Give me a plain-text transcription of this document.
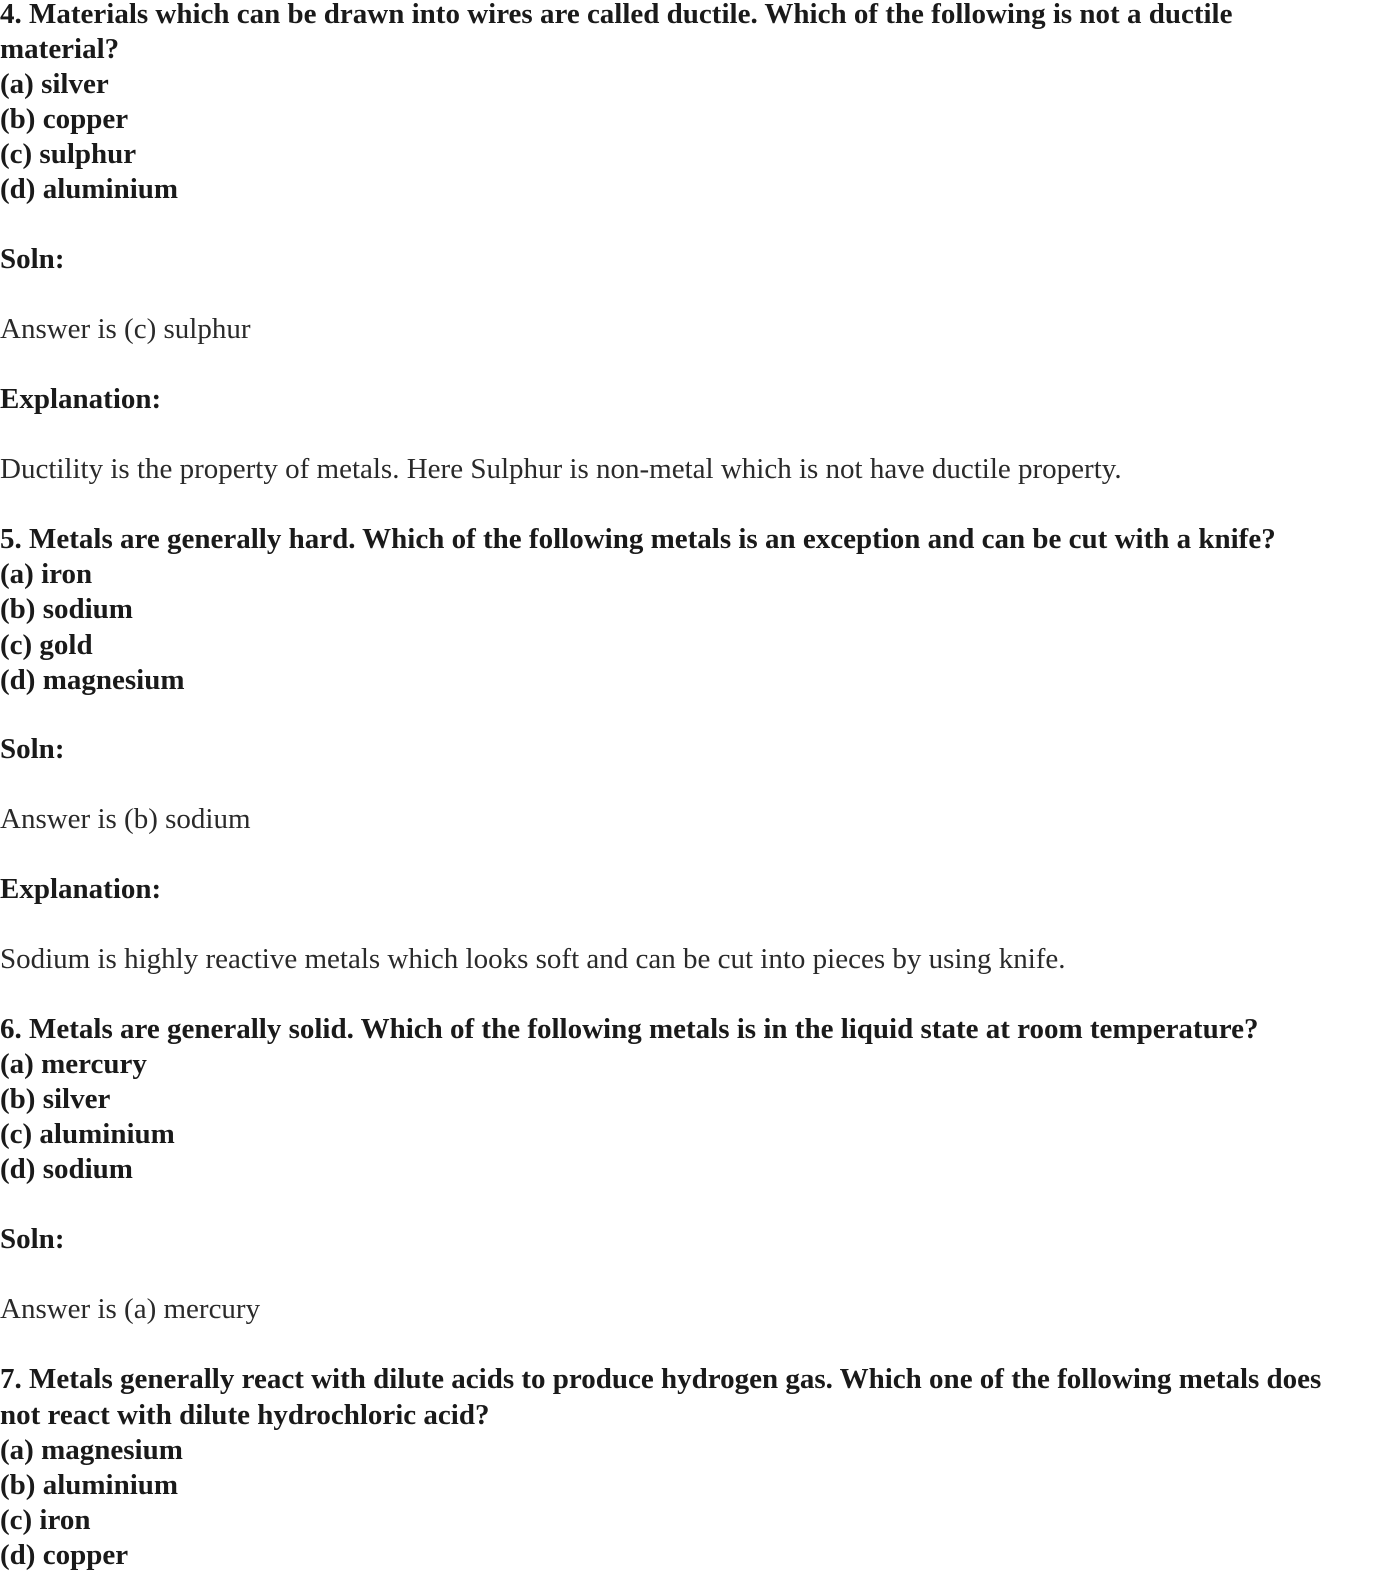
4. Materials which can be drawn into wires are called ductile. Which of the following is not a ductile
material?
(a) silver
(b) copper
(c) sulphur
(d) aluminium
Soln:
Answer is (c) sulphur
Explanation:
Ductility is the property of metals. Here Sulphur is non-metal which is not have ductile property.
5. Metals are generally hard. Which of the following metals is an exception and can be cut with a knife?
(a) iron
(b) sodium
(c) gold
(d) magnesium
Soln:
Answer is (b) sodium
Explanation:
Sodium is highly reactive metals which looks soft and can be cut into pieces by using knife.
6. Metals are generally solid. Which of the following metals is in the liquid state at room temperature?
(a) mercury
(b) silver
(c) aluminium
(d) sodium
Soln:
Answer is (a) mercury
7. Metals generally react with dilute acids to produce hydrogen gas. Which one of the following metals does
not react with dilute hydrochloric acid?
(a) magnesium
(b) aluminium
(c) iron
(d) copper
